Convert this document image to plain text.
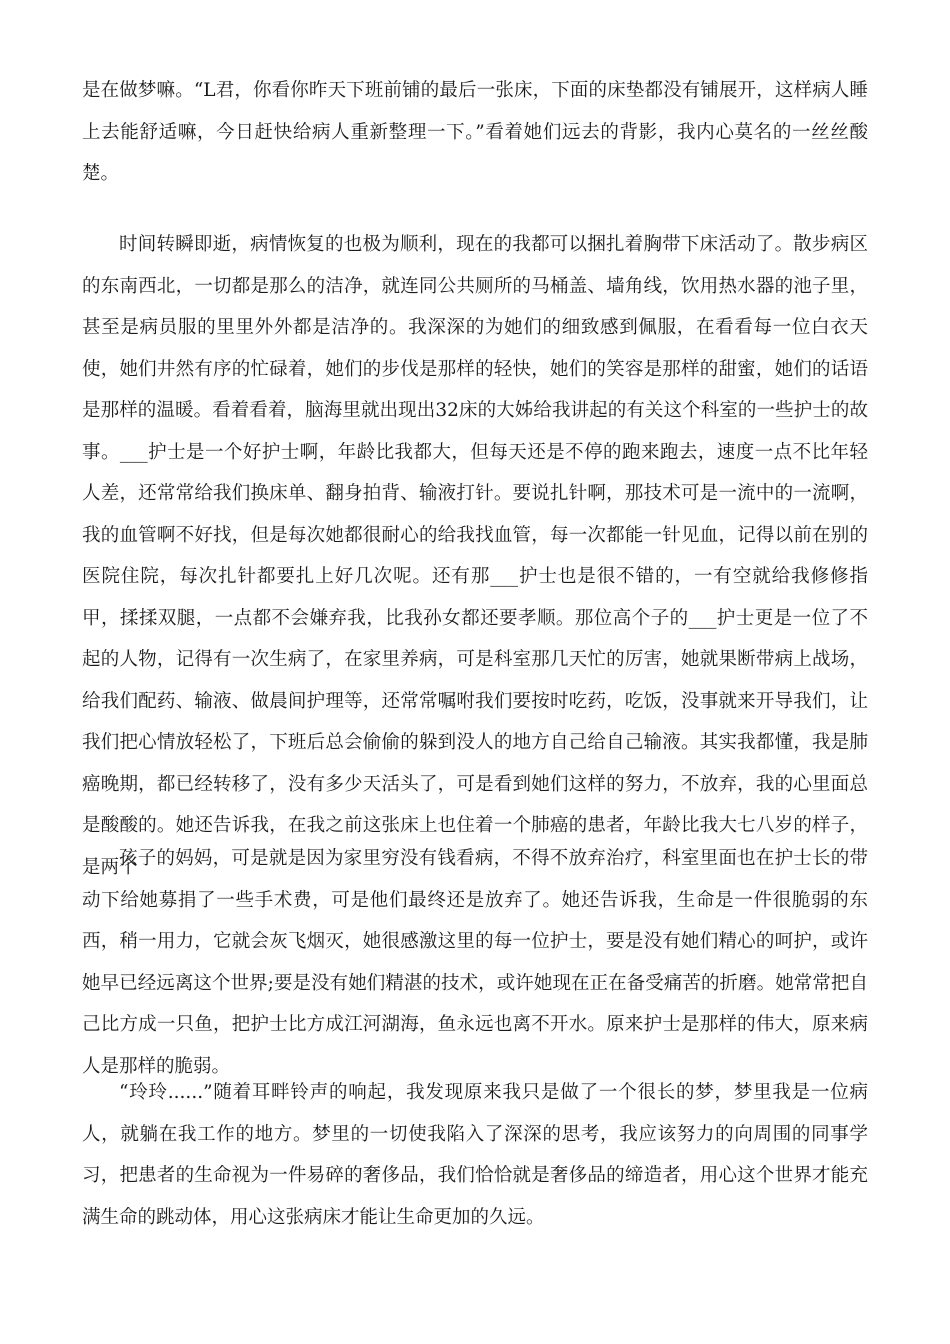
是在做梦嘛。“L君，你看你昨天下班前铺的最后一张床，下面的床垫都没有铺展开，这样病人睡上去能舒适嘛，今日赶快给病人重新整理一下。”看着她们远去的背影，我内心莫名的一丝丝酸楚。

时间转瞬即逝，病情恢复的也极为顺利，现在的我都可以捆扎着胸带下床活动了。散步病区的东南西北，一切都是那么的洁净，就连同公共厕所的马桶盖、墙角线，饮用热水器的池子里，甚至是病员服的里里外外都是洁净的。我深深的为她们的细致感到佩服，在看看每一位白衣天使，她们井然有序的忙碌着，她们的步伐是那样的轻快，她们的笑容是那样的甜蜜，她们的话语是那样的温暖。看着看着，脑海里就出现出32床的大姊给我讲起的有关这个科室的一些护士的故事。___护士是一个好护士啊，年龄比我都大，但每天还是不停的跑来跑去，速度一点不比年轻人差，还常常给我们换床单、翻身拍背、输液打针。要说扎针啊，那技术可是一流中的一流啊，我的血管啊不好找，但是每次她都很耐心的给我找血管，每一次都能一针见血，记得以前在别的医院住院，每次扎针都要扎上好几次呢。还有那___护士也是很不错的，一有空就给我修修指甲，揉揉双腿，一点都不会嫌弃我，比我孙女都还要孝顺。那位高个子的___护士更是一位了不起的人物，记得有一次生病了，在家里养病，可是科室那几天忙的厉害，她就果断带病上战场，给我们配药、输液、做晨间护理等，还常常嘱咐我们要按时吃药，吃饭，没事就来开导我们，让我们把心情放轻松了，下班后总会偷偷的躲到没人的地方自己给自己输液。其实我都懂，我是肺癌晚期，都已经转移了，没有多少天活头了，可是看到她们这样的努力，不放弃，我的心里面总是酸酸的。她还告诉我，在我之前这张床上也住着一个肺癌的患者，年龄比我大七八岁的样子，是两个

孩子的妈妈，可是就是因为家里穷没有钱看病，不得不放弃治疗，科室里面也在护士长的带动下给她募捐了一些手术费，可是他们最终还是放弃了。她还告诉我，生命是一件很脆弱的东西，稍一用力，它就会灰飞烟灭，她很感激这里的每一位护士，要是没有她们精心的呵护，或许她早已经远离这个世界;要是没有她们精湛的技术，或许她现在正在备受痛苦的折磨。她常常把自己比方成一只鱼，把护士比方成江河湖海，鱼永远也离不开水。原来护士是那样的伟大，原来病人是那样的脆弱。

“玲玲......”随着耳畔铃声的响起，我发现原来我只是做了一个很长的梦，梦里我是一位病人，就躺在我工作的地方。梦里的一切使我陷入了深深的思考，我应该努力的向周围的同事学习，把患者的生命视为一件易碎的奢侈品，我们恰恰就是奢侈品的缔造者，用心这个世界才能充满生命的跳动体，用心这张病床才能让生命更加的久远。
